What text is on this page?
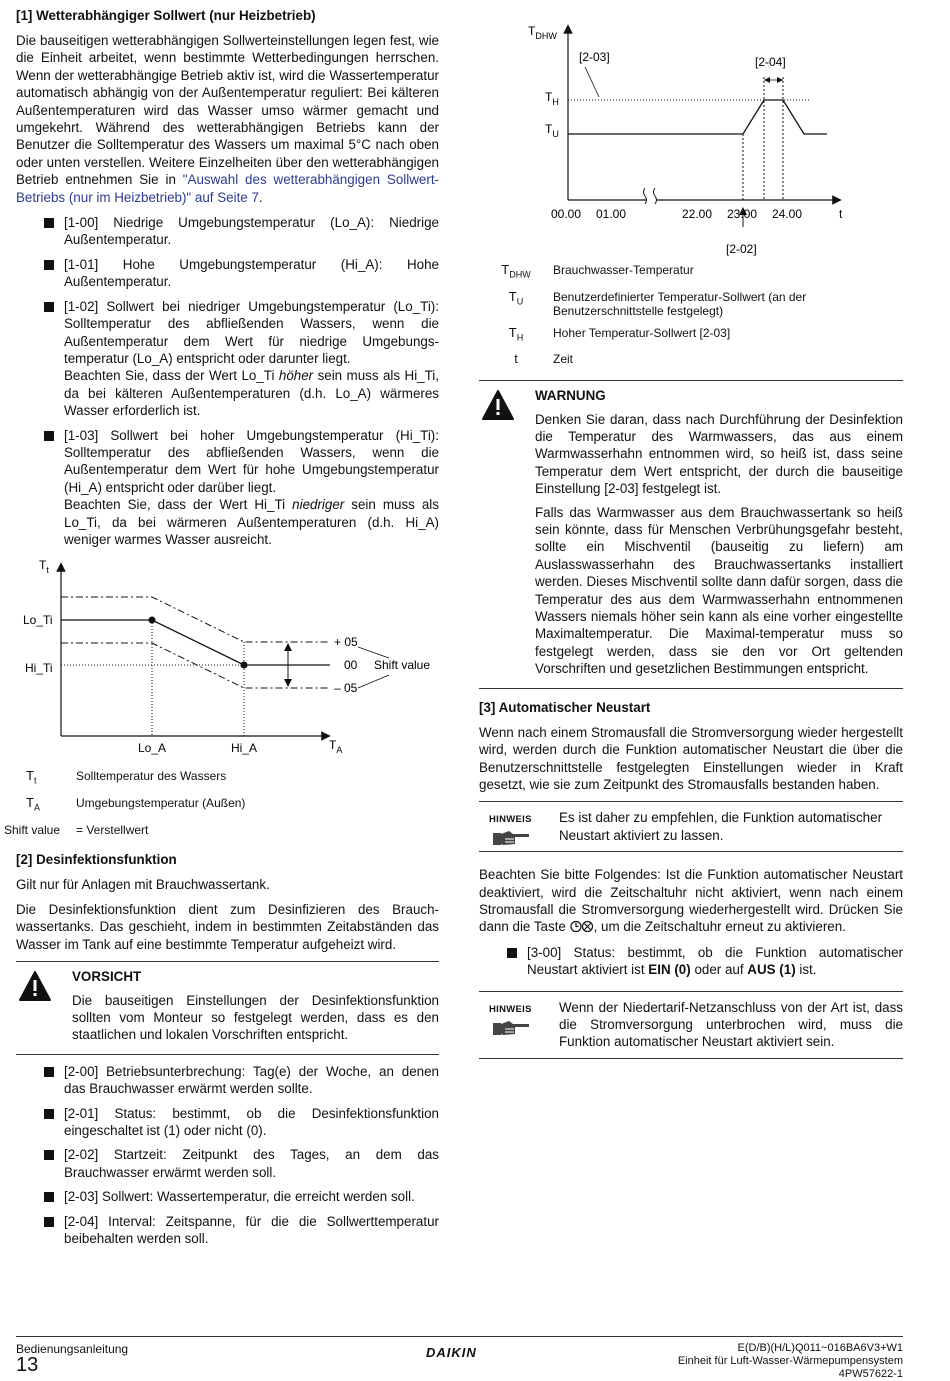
[1] Wetterabhängiger Sollwert (nur Heizbetrieb)

Die bauseitigen wetterabhängigen Sollwerteinstellungen legen fest, wie die Einheit arbeitet, wenn bestimmte Wetterbedingungen herrschen. Wenn der wetterabhängige Betrieb aktiv ist, wird die Wassertemperatur automatisch abhängig von der Außentemperatur reguliert: Bei kälteren Außentemperaturen wird das Wasser umso wärmer gemacht und umgekehrt. Während des wetterabhängigen Betriebs kann der Benutzer die Solltemperatur des Wassers um maximal 5°C nach oben oder unten verstellen. Weitere Einzelheiten über den wetterabhängigen Betrieb entnehmen Sie in "Auswahl des wetterabhängigen Sollwert-Betriebs (nur im Heizbetrieb)" auf Seite 7.

[1-00] Niedrige Umgebungstemperatur (Lo_A): Niedrige Außentemperatur.
[1-01] Hohe Umgebungstemperatur (Hi_A): Hohe Außentemperatur.
[1-02] Sollwert bei niedriger Umgebungstemperatur (Lo_Ti): Solltemperatur des abfließenden Wassers, wenn die Außentemperatur dem Wert für niedrige Umgebungs-temperatur (Lo_A) entspricht oder darunter liegt.
Beachten Sie, dass der Wert Lo_Ti höher sein muss als Hi_Ti, da bei kälteren Außentemperaturen (d.h. Lo_A) wärmeres Wasser erforderlich ist.
[1-03] Sollwert bei hoher Umgebungstemperatur (Hi_Ti): Solltemperatur des abfließenden Wassers, wenn die Außentemperatur dem Wert für hohe Umgebungstemperatur (Hi_A) entspricht oder darüber liegt.
Beachten Sie, dass der Wert Hi_Ti niedriger sein muss als Lo_Ti, da bei wärmeren Außentemperaturen (d.h. Hi_A) weniger warmes Wasser ausreicht.
$T_t$
$T_A$
Lo_Ti
Hi_Ti
Lo_A	Hi_A
+ 05
00
– 05
Shift value
$T_t$	Solltemperatur des Wassers
$T_A$	Umgebungstemperatur (Außen)
Shift value	= Verstellwert
[2] Desinfektionsfunktion

Gilt nur für Anlagen mit Brauchwassertank.

Die Desinfektionsfunktion dient zum Desinfizieren des Brauch-wassertanks. Das geschieht, indem in bestimmten Zeitabständen das Wasser im Tank auf eine bestimmte Temperatur aufgeheizt wird.

VORSICHT

Die bauseitigen Einstellungen der Desinfektionsfunktion sollten vom Monteur so festgelegt werden, dass es den staatlichen und lokalen Vorschriften entspricht.

[2-00] Betriebsunterbrechung: Tag(e) der Woche, an denen das Brauchwasser erwärmt werden sollte.
[2-01] Status: bestimmt, ob die Desinfektionsfunktion eingeschaltet ist (1) oder nicht (0).
[2-02] Startzeit: Zeitpunkt des Tages, an dem das Brauchwasser erwärmt werden soll.
[2-03] Sollwert: Wassertemperatur, die erreicht werden soll.
[2-04] Interval: Zeitspanne, für die die Sollwerttemperatur beibehalten werden soll.
$T_{DHW}$
$T_H$
$T_U$
[2-03]	[2-04]
[2-02]
00.00 01.00	22.00 23.00 24.00	t
$T_{DHW}$	Brauchwasser-Temperatur
$T_U$	Benutzerdefinierter Temperatur-Sollwert (an der Benutzerschnittstelle festgelegt)
$T_H$	Hoher Temperatur-Sollwert [2-03]
t	Zeit
WARNUNG

Denken Sie daran, dass nach Durchführung der Desinfektion die Temperatur des Warmwassers, das aus einem Warmwasserhahn entnommen wird, so heiß ist, dass seine Temperatur dem Wert entspricht, der durch die bauseitige Einstellung [2-03] festgelegt ist.

Falls das Warmwasser aus dem Brauchwassertank so heiß sein könnte, dass für Menschen Verbrühungsgefahr besteht, sollte ein Mischventil (bauseitig zu liefern) am Auslasswasserhahn des Brauchwassertanks installiert werden. Dieses Mischventil sollte dann dafür sorgen, dass die Temperatur des aus dem Warmwasserhahn entnommenen Wassers niemals höher sein kann als eine vorher eingestellte Maximaltemperatur. Die Maximal-temperatur muss so festgelegt werden, dass sie den vor Ort geltenden Vorschriften und gesetzlichen Bestimmungen entspricht.

[3] Automatischer Neustart

Wenn nach einem Stromausfall die Stromversorgung wieder hergestellt wird, werden durch die Funktion automatischer Neustart die über die Benutzerschnittstelle festgelegten Einstellungen wieder in Kraft gesetzt, wie sie zum Zeitpunkt des Stromausfalls bestanden haben.

HINWEIS Es ist daher zu empfehlen, die Funktion automatischer Neustart aktiviert zu lassen.

Beachten Sie bitte Folgendes: Ist die Funktion automatischer Neustart deaktiviert, wird die Zeitschaltuhr nicht aktiviert, wenn nach einem Stromausfall die Stromversorgung wiederhergestellt wird. Drücken Sie dann die Taste , um die Zeitschaltuhr erneut zu aktivieren.

[3-00] Status: bestimmt, ob die Funktion automatischer Neustart aktiviert ist EIN (0) oder auf AUS (1) ist.
HINWEIS Wenn der Niedertarif-Netzanschluss von der Art ist, dass die Stromversorgung unterbrochen wird, muss die Funktion automatischer Neustart aktiviert sein.

Bedienungsanleitung
13
DAIKIN	E(D/B)(H/L)Q011~016BA6V3+W1
Einheit für Luft-Wasser-Wärmepumpensystem
4PW57622-1
